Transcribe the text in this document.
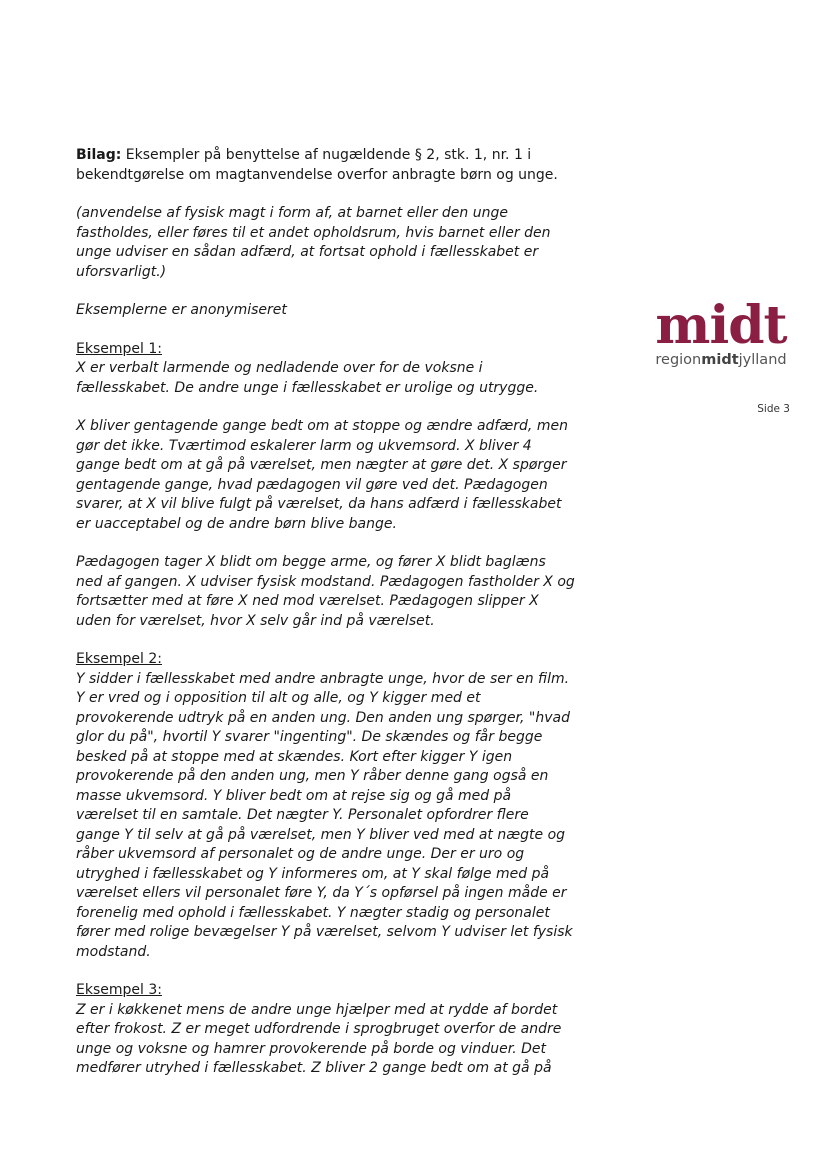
Bilag: Eksempler på benyttelse af nugældende § 2, stk. 1, nr. 1 i bekendtgørelse om magtanvendelse overfor anbragte børn og unge.

(anvendelse af fysisk magt i form af, at barnet eller den unge fastholdes, eller føres til et andet opholdsrum, hvis barnet eller den unge udviser en sådan adfærd, at fortsat ophold i fællesskabet er uforsvarligt.)

Eksemplerne er anonymiseret

Eksempel 1:

X er verbalt larmende og nedladende over for de voksne i fællesskabet. De andre unge i fællesskabet er urolige og utrygge.

X bliver gentagende gange bedt om at stoppe og ændre adfærd, men gør det ikke. Tværtimod eskalerer larm og ukvemsord. X bliver 4 gange bedt om at gå på værelset, men nægter at gøre det. X spørger gentagende gange, hvad pædagogen vil gøre ved det. Pædagogen svarer, at X vil blive fulgt på værelset, da hans adfærd i fællesskabet er uacceptabel og de andre børn blive bange.

Pædagogen tager X blidt om begge arme, og fører X blidt baglæns ned af gangen. X udviser fysisk modstand. Pædagogen fastholder X og fortsætter med at føre X ned mod værelset. Pædagogen slipper X uden for værelset, hvor X selv går ind på værelset.

Eksempel 2:

Y sidder i fællesskabet med andre anbragte unge, hvor de ser en film. Y er vred og i opposition til alt og alle, og Y kigger med et provokerende udtryk på en anden ung. Den anden ung spørger, "hvad glor du på", hvortil Y svarer "ingenting". De skændes og får begge besked på at stoppe med at skændes. Kort efter kigger Y igen provokerende på den anden ung, men Y råber denne gang også en masse ukvemsord. Y bliver bedt om at rejse sig og gå med på værelset til en samtale. Det nægter Y. Personalet opfordrer flere gange Y til selv at gå på værelset, men Y bliver ved med at nægte og råber ukvemsord af personalet og de andre unge. Der er uro og utryghed i fællesskabet og Y informeres om, at Y skal følge med på værelset ellers vil personalet føre Y, da Y´s opførsel på ingen måde er forenelig med ophold i fællesskabet. Y nægter stadig og personalet fører med rolige bevægelser Y på værelset, selvom Y udviser let fysisk modstand.

Eksempel 3:

Z er i køkkenet mens de andre unge hjælper med at rydde af bordet efter frokost. Z er meget udfordrende i sprogbruget overfor de andre unge og voksne og hamrer provokerende på borde og vinduer. Det medfører utryhed i fællesskabet. Z bliver 2 gange bedt om at gå på

midt
regionmidtjylland
Side 3
